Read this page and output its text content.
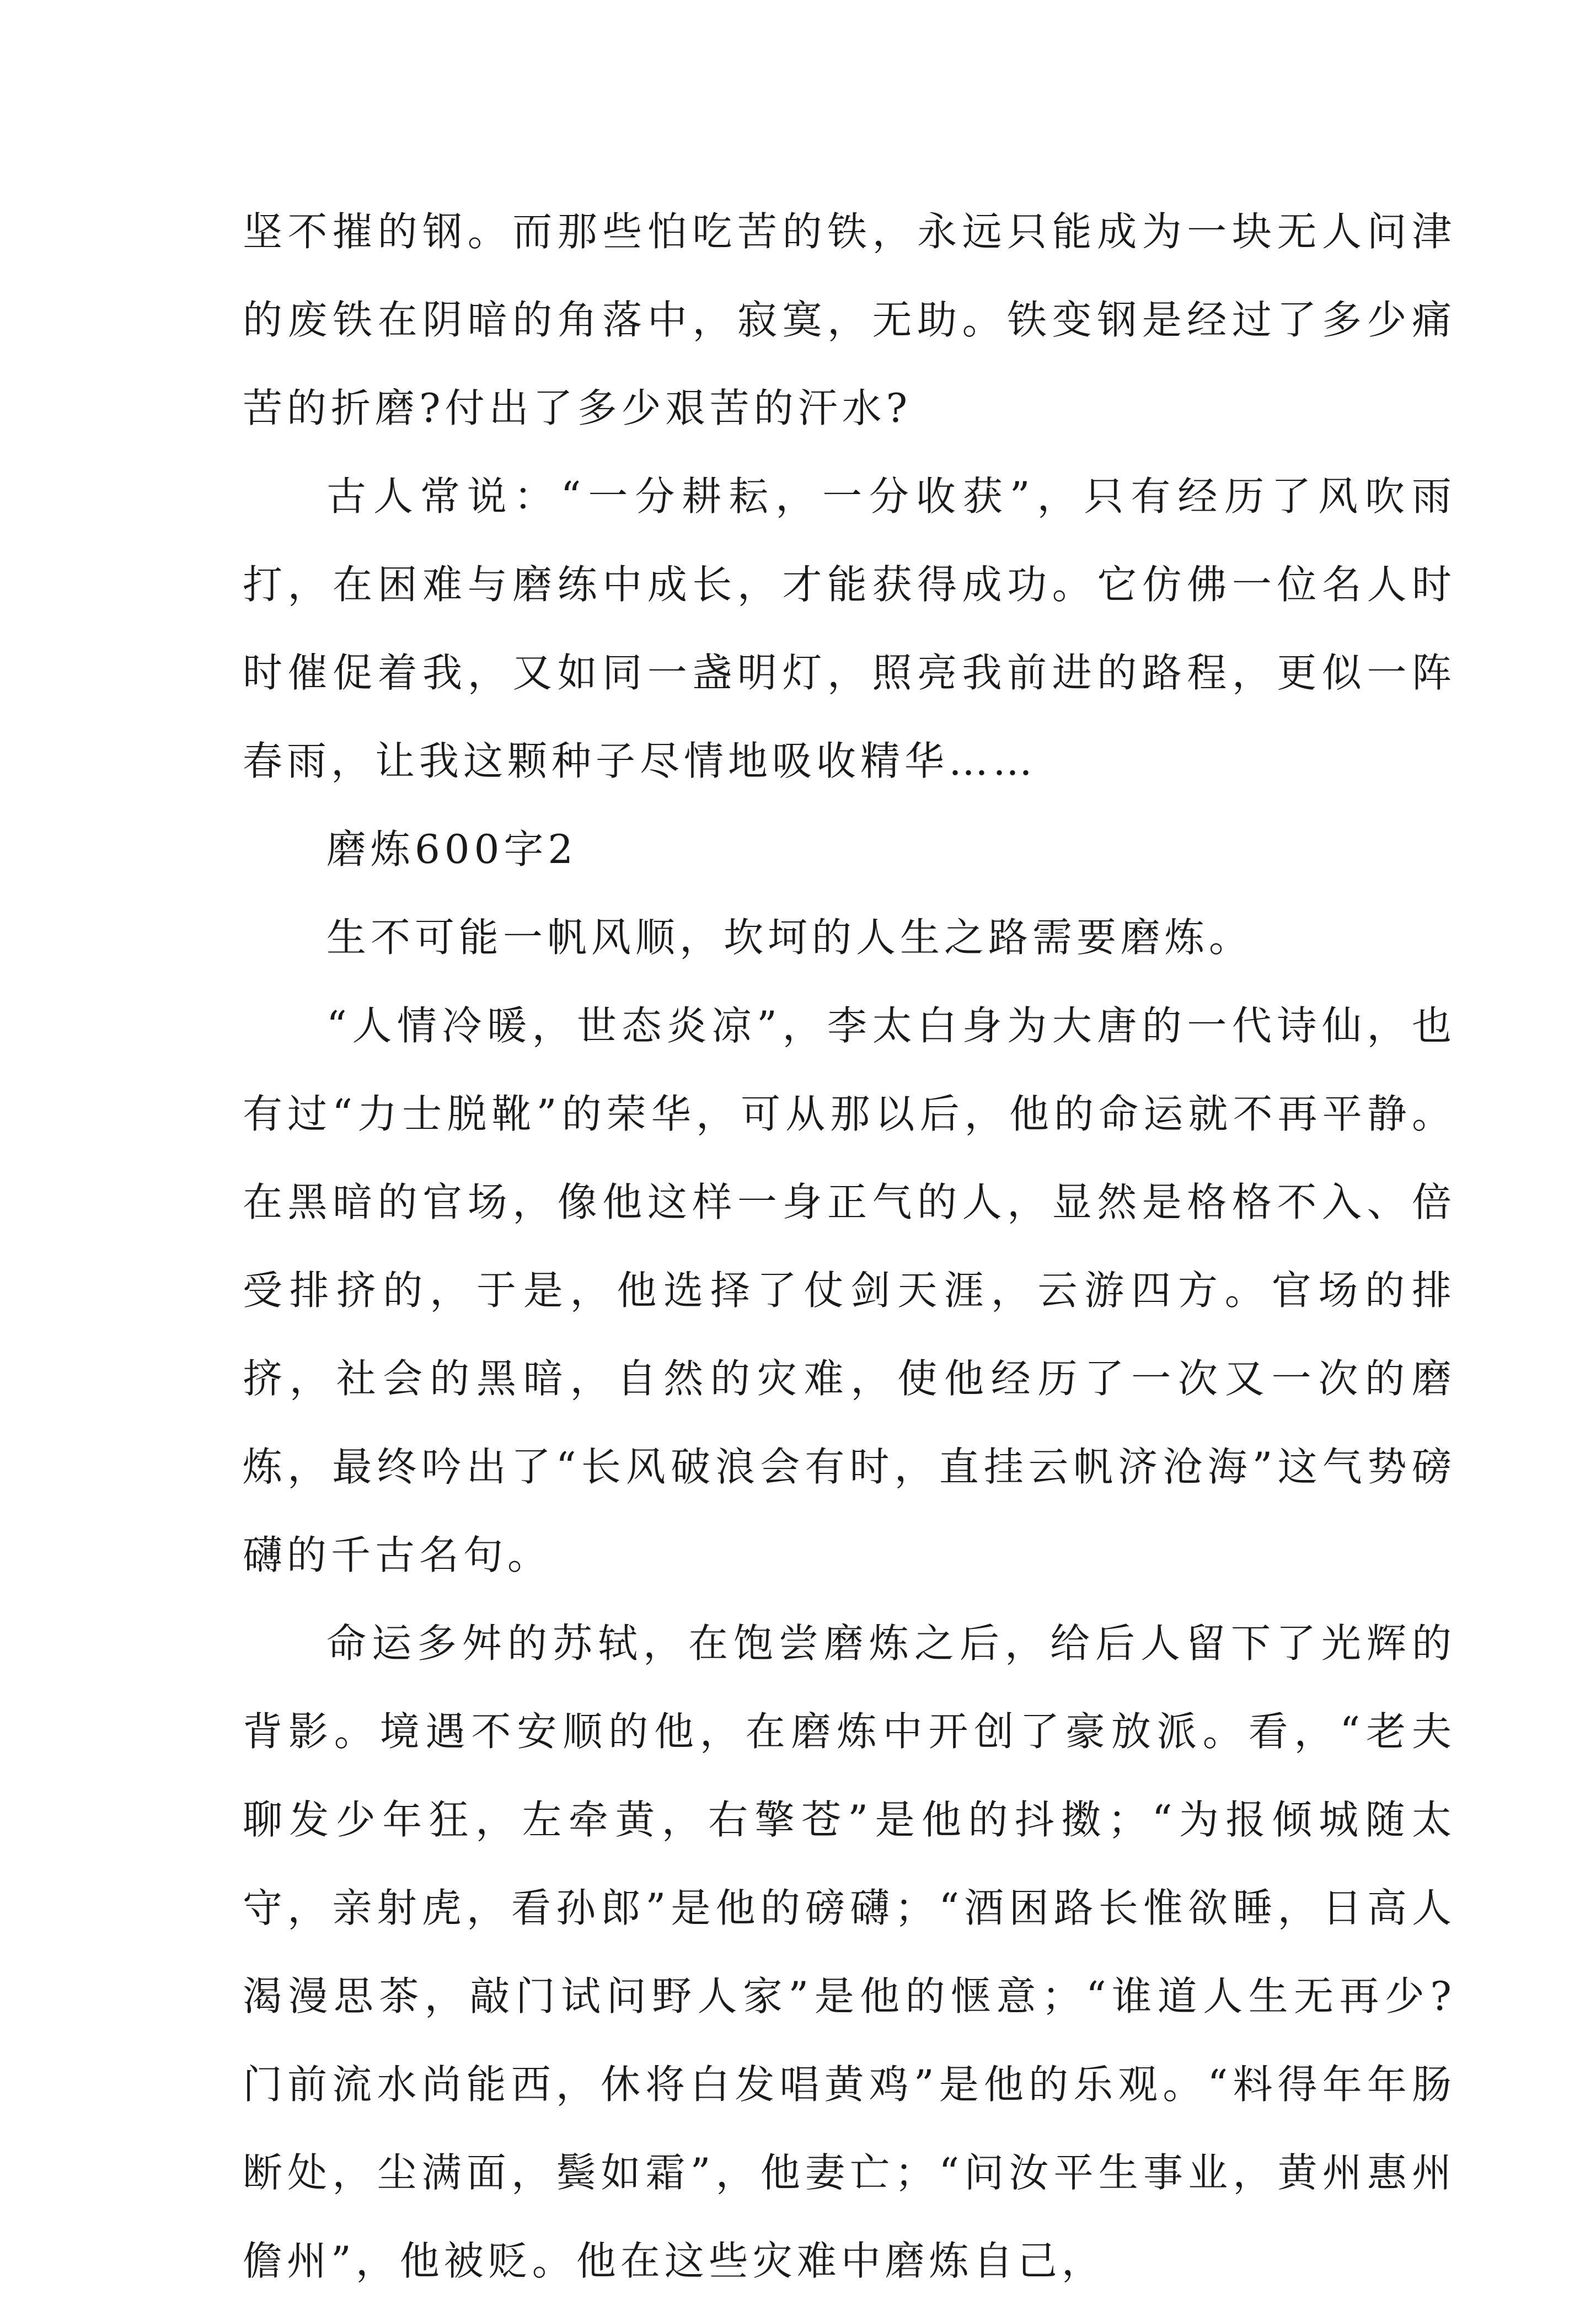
坚不摧的钢。而那些怕吃苦的铁，永远只能成为一块无人问津的废铁在阴暗的角落中，寂寞，无助。铁变钢是经过了多少痛苦的折磨?付出了多少艰苦的汗水?

古人常说：“一分耕耘，一分收获”，只有经历了风吹雨打，在困难与磨练中成长，才能获得成功。它仿佛一位名人时时催促着我，又如同一盏明灯，照亮我前进的路程，更似一阵春雨，让我这颗种子尽情地吸收精华……

磨炼600字2

生不可能一帆风顺，坎坷的人生之路需要磨炼。

“人情冷暖，世态炎凉”，李太白身为大唐的一代诗仙，也有过“力士脱靴”的荣华，可从那以后，他的命运就不再平静。在黑暗的官场，像他这样一身正气的人，显然是格格不入、倍受排挤的，于是，他选择了仗剑天涯，云游四方。官场的排挤，社会的黑暗，自然的灾难，使他经历了一次又一次的磨炼，最终吟出了“长风破浪会有时，直挂云帆济沧海”这气势磅礴的千古名句。

命运多舛的苏轼，在饱尝磨炼之后，给后人留下了光辉的背影。境遇不安顺的他，在磨炼中开创了豪放派。看，“老夫聊发少年狂，左牵黄，右擎苍”是他的抖擞；“为报倾城随太守，亲射虎，看孙郎”是他的磅礴；“酒困路长惟欲睡，日高人渴漫思茶，敲门试问野人家”是他的惬意；“谁道人生无再少?门前流水尚能西，休将白发唱黄鸡”是他的乐观。“料得年年肠断处，尘满面，鬓如霜”，他妻亡；“问汝平生事业，黄州惠州儋州”，他被贬。他在这些灾难中磨炼自己，
